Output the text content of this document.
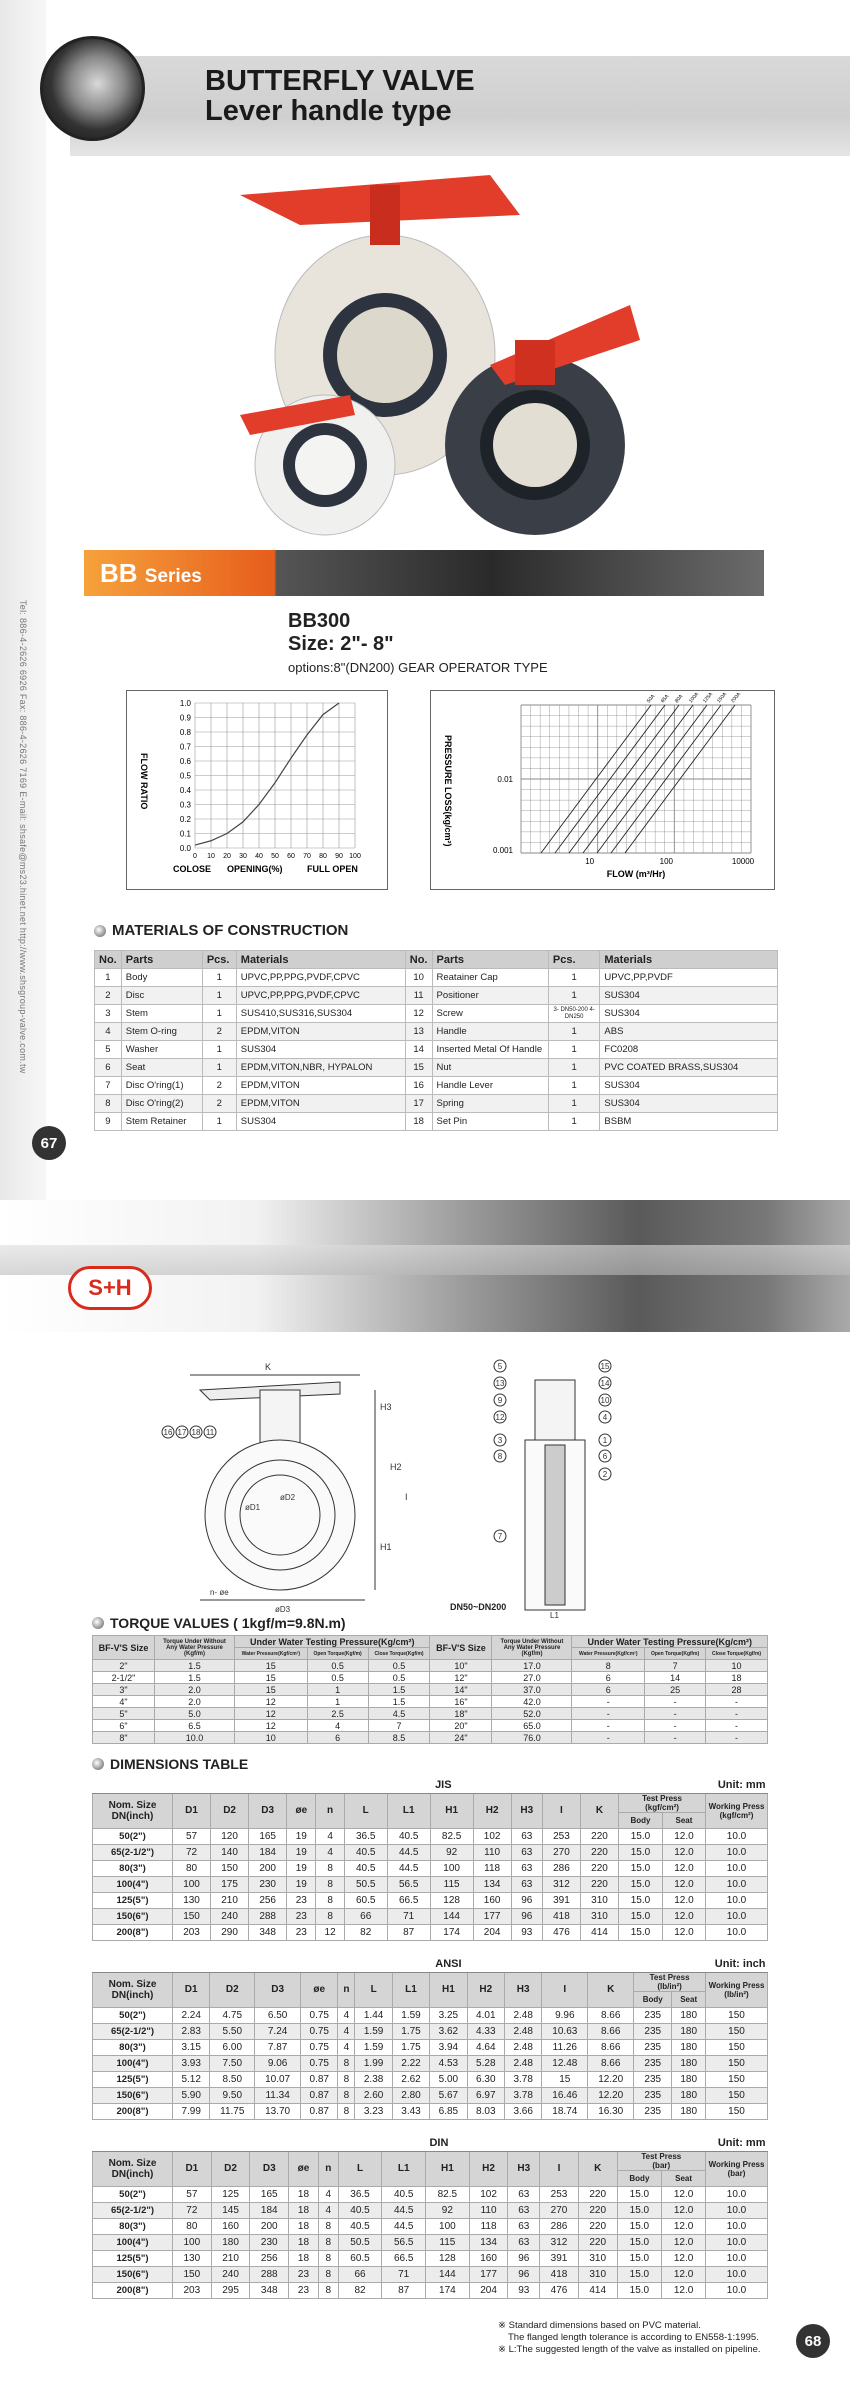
Tel: 886-4-2626 6926 Fax: 886-4-2626 7169 E-mail: shsafe@ms23.hinet.net http://www.shsgroup-valve.com.tw
BUTTERFLY VALVE
Lever handle type
BB Series
BB300
Size: 2"- 8"
options:8"(DN200) GEAR OPERATOR TYPE
0.0
0
0.1
10
0.2
20
0.3
30
0.4
40
0.5
50
0.6
60
0.7
70
0.8
80
0.9
90
1.0
100
FLOW RATIO
COLOSE OPENING(%)	FULL OPEN
50A 65A 80A 100A 125A 150A 200A
0.01
0.001
10	100	10000
PRESSURE LOSS(kg/cm²)
FLOW (m³/Hr)
MATERIALS OF CONSTRUCTION
No.	Parts	Pcs.	Materials	No.	Parts	Pcs.	Materials
1	Body	1	UPVC,PP,PPG,PVDF,CPVC	10	Reatainer Cap	1	UPVC,PP,PVDF
2	Disc	1	UPVC,PP,PPG,PVDF,CPVC	11	Positioner	1	SUS304
3	Stem	1	SUS410,SUS316,SUS304	12	Screw	3- DN50-200 4- DN250	SUS304
4	Stem O-ring	2	EPDM,VITON	13	Handle	1	ABS
5	Washer	1	SUS304	14	Inserted Metal Of Handle	1	FC0208
6	Seat	1	EPDM,VITON,NBR, HYPALON	15	Nut	1	PVC COATED BRASS,SUS304
7	Disc O'ring(1)	2	EPDM,VITON	16	Handle Lever	1	SUS304
8	Disc O'ring(2)	2	EPDM,VITON	17	Spring	1	SUS304
9	Stem Retainer	1	SUS304	18	Set Pin	1	BSBM
67
S+H
K
H3
H2
H1
I
øD1
øD2
øD3
n- øe
L1
16 17 18 11
5
13
9
12
3
8
7
15
14
10
4
1
6
2
DN50~DN200
TORQUE VALUES ( 1kgf/m=9.8N.m)
BF-V'S Size	Torque Under Without Any Water Pressure (Kgf/m)	Under Water Testing Pressure(Kg/cm²)			BF-V'S Size	Torque Under Without Any Water Pressure (Kgf/m)	Under Water Testing Pressure(Kg/cm²)		
		Water Pressure(Kgf/cm²)	Open Torque(Kgf/m)	Close Torque(Kgf/m)			Water Pressure(Kgf/cm²)	Open Torque(Kgf/m)	Close Torque(Kgf/m)
2"	1.5	15	0.5	0.5	10"	17.0	8	7	10
2-1/2"	1.5	15	0.5	0.5	12"	27.0	6	14	18
3"	2.0	15	1	1.5	14"	37.0	6	25	28
4"	2.0	12	1	1.5	16"	42.0	-	-	-
5"	5.0	12	2.5	4.5	18"	52.0	-	-	-
6"	6.5	12	4	7	20"	65.0	-	-	-
8"	10.0	10	6	8.5	24"	76.0	-	-	-
DIMENSIONS TABLE
						JIS					Unit: mm				
Nom. Size DN(inch)	D1	D2	D3	øe	n	L	L1	H1	H2	H3	I	K	Test Press
(kgf/cm²)		Working Press
(kgf/cm²)
													Body	Seat	
50(2")	57	120	165	19	4	36.5	40.5	82.5	102	63	253	220	15.0	12.0	10.0
65(2-1/2")	72	140	184	19	4	40.5	44.5	92	110	63	270	220	15.0	12.0	10.0
80(3")	80	150	200	19	8	40.5	44.5	100	118	63	286	220	15.0	12.0	10.0
100(4")	100	175	230	19	8	50.5	56.5	115	134	63	312	220	15.0	12.0	10.0
125(5")	130	210	256	23	8	60.5	66.5	128	160	96	391	310	15.0	12.0	10.0
150(6")	150	240	288	23	8	66	71	144	177	96	418	310	15.0	12.0	10.0
200(8")	203	290	348	23	12	82	87	174	204	93	476	414	15.0	12.0	10.0
						ANSI					Unit: inch				
Nom. Size DN(inch)	D1	D2	D3	øe	n	L	L1	H1	H2	H3	I	K	Test Press
(lb/in²)		Working Press
(lb/in²)
													Body	Seat	
50(2")	2.24	4.75	6.50	0.75	4	1.44	1.59	3.25	4.01	2.48	9.96	8.66	235	180	150
65(2-1/2")	2.83	5.50	7.24	0.75	4	1.59	1.75	3.62	4.33	2.48	10.63	8.66	235	180	150
80(3")	3.15	6.00	7.87	0.75	4	1.59	1.75	3.94	4.64	2.48	11.26	8.66	235	180	150
100(4")	3.93	7.50	9.06	0.75	8	1.99	2.22	4.53	5.28	2.48	12.48	8.66	235	180	150
125(5")	5.12	8.50	10.07	0.87	8	2.38	2.62	5.00	6.30	3.78	15	12.20	235	180	150
150(6")	5.90	9.50	11.34	0.87	8	2.60	2.80	5.67	6.97	3.78	16.46	12.20	235	180	150
200(8")	7.99	11.75	13.70	0.87	8	3.23	3.43	6.85	8.03	3.66	18.74	16.30	235	180	150
						DIN					Unit: mm				
Nom. Size DN(inch)	D1	D2	D3	øe	n	L	L1	H1	H2	H3	I	K	Test Press
(bar)		Working Press
(bar)
													Body	Seat	
50(2")	57	125	165	18	4	36.5	40.5	82.5	102	63	253	220	15.0	12.0	10.0
65(2-1/2")	72	145	184	18	4	40.5	44.5	92	110	63	270	220	15.0	12.0	10.0
80(3")	80	160	200	18	8	40.5	44.5	100	118	63	286	220	15.0	12.0	10.0
100(4")	100	180	230	18	8	50.5	56.5	115	134	63	312	220	15.0	12.0	10.0
125(5")	130	210	256	18	8	60.5	66.5	128	160	96	391	310	15.0	12.0	10.0
150(6")	150	240	288	23	8	66	71	144	177	96	418	310	15.0	12.0	10.0
200(8")	203	295	348	23	8	82	87	174	204	93	476	414	15.0	12.0	10.0
※ Standard dimensions based on PVC material.
The flanged length tolerance is according to EN558-1:1995.
※ L:The suggested length of the valve as installed on pipeline.	68
